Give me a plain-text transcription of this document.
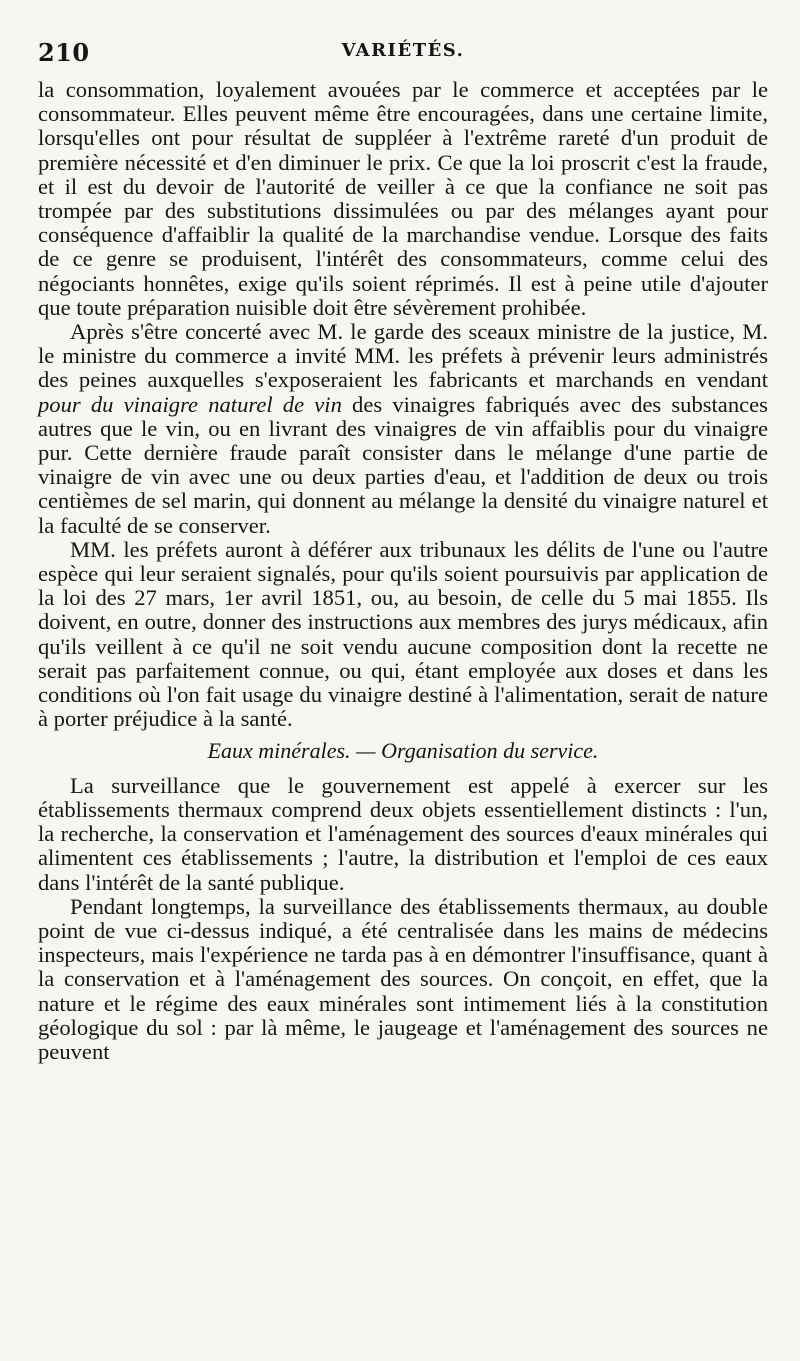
210	VARIÉTÉS.

la consommation, loyalement avouées par le commerce et acceptées par le consommateur. Elles peuvent même être encouragées, dans une certaine limite, lorsqu'elles ont pour résultat de suppléer à l'extrême rareté d'un produit de première nécessité et d'en diminuer le prix. Ce que la loi proscrit c'est la fraude, et il est du devoir de l'autorité de veiller à ce que la confiance ne soit pas trompée par des substitutions dissimulées ou par des mélanges ayant pour conséquence d'affaiblir la qualité de la marchandise vendue. Lorsque des faits de ce genre se produisent, l'intérêt des consommateurs, comme celui des négociants honnêtes, exige qu'ils soient réprimés. Il est à peine utile d'ajouter que toute préparation nuisible doit être sévèrement prohibée.

Après s'être concerté avec M. le garde des sceaux ministre de la justice, M. le ministre du commerce a invité MM. les préfets à prévenir leurs administrés des peines auxquelles s'exposeraient les fabricants et marchands en vendant pour du vinaigre naturel de vin des vinaigres fabriqués avec des substances autres que le vin, ou en livrant des vinaigres de vin affaiblis pour du vinaigre pur. Cette dernière fraude paraît consister dans le mélange d'une partie de vinaigre de vin avec une ou deux parties d'eau, et l'addition de deux ou trois centièmes de sel marin, qui donnent au mélange la densité du vinaigre naturel et la faculté de se conserver.

MM. les préfets auront à déférer aux tribunaux les délits de l'une ou l'autre espèce qui leur seraient signalés, pour qu'ils soient poursuivis par application de la loi des 27 mars, 1er avril 1851, ou, au besoin, de celle du 5 mai 1855. Ils doivent, en outre, donner des instructions aux membres des jurys médicaux, afin qu'ils veillent à ce qu'il ne soit vendu aucune composition dont la recette ne serait pas parfaitement connue, ou qui, étant employée aux doses et dans les conditions où l'on fait usage du vinaigre destiné à l'alimentation, serait de nature à porter préjudice à la santé.

Eaux minérales. — Organisation du service.

La surveillance que le gouvernement est appelé à exercer sur les établissements thermaux comprend deux objets essentiellement distincts : l'un, la recherche, la conservation et l'aménagement des sources d'eaux minérales qui alimentent ces établissements ; l'autre, la distribution et l'emploi de ces eaux dans l'intérêt de la santé publique.

Pendant longtemps, la surveillance des établissements thermaux, au double point de vue ci-dessus indiqué, a été centralisée dans les mains de médecins inspecteurs, mais l'expérience ne tarda pas à en démontrer l'insuffisance, quant à la conservation et à l'aménagement des sources. On conçoit, en effet, que la nature et le régime des eaux minérales sont intimement liés à la constitution géologique du sol : par là même, le jaugeage et l'aménagement des sources ne peuvent
